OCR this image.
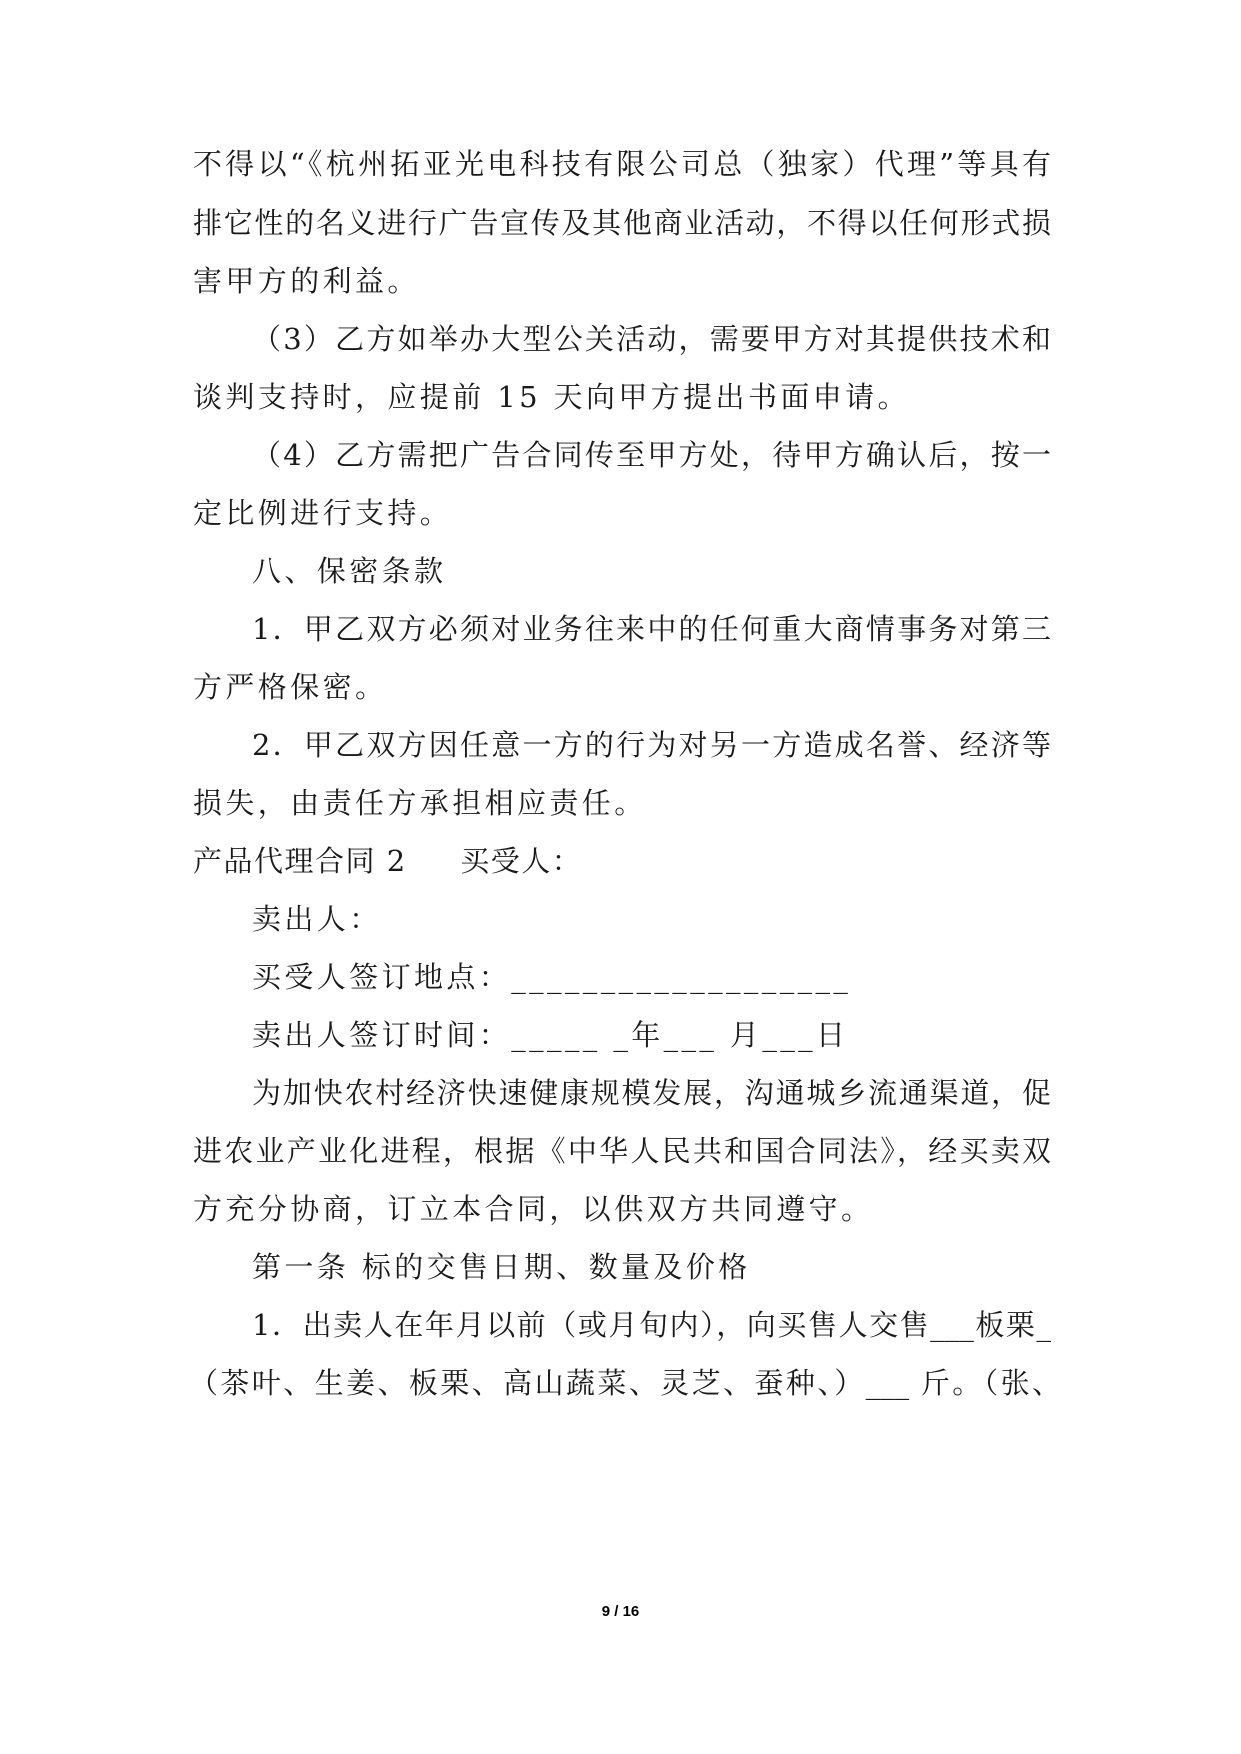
不得以“《杭州拓亚光电科技有限公司总（独家）代理”等具有
排它性的名义进行广告宣传及其他商业活动，不得以任何形式损
害甲方的利益。
（3）乙方如举办大型公关活动，需要甲方对其提供技术和
谈判支持时，应提前 15 天向甲方提出书面申请。
（4）乙方需把广告合同传至甲方处，待甲方确认后，按一
定比例进行支持。
八、保密条款
1．甲乙双方必须对业务往来中的任何重大商情事务对第三
方严格保密。
2．甲乙双方因任意一方的行为对另一方造成名誉、经济等
损失，由责任方承担相应责任。
产品代理合同 2     买受人：
卖出人：
买受人签订地点：___________________
卖出人签订时间：_____ _年___ 月___日
为加快农村经济快速健康规模发展，沟通城乡流通渠道，促
进农业产业化进程，根据《中华人民共和国合同法》，经买卖双
方充分协商，订立本合同，以供双方共同遵守。
第一条 标的交售日期、数量及价格
1．出卖人在年月以前（或月旬内），向买售人交售___板栗_
（茶叶、生姜、板栗、高山蔬菜、灵芝、蚕种、）___ 斤。（张、
9 / 16
